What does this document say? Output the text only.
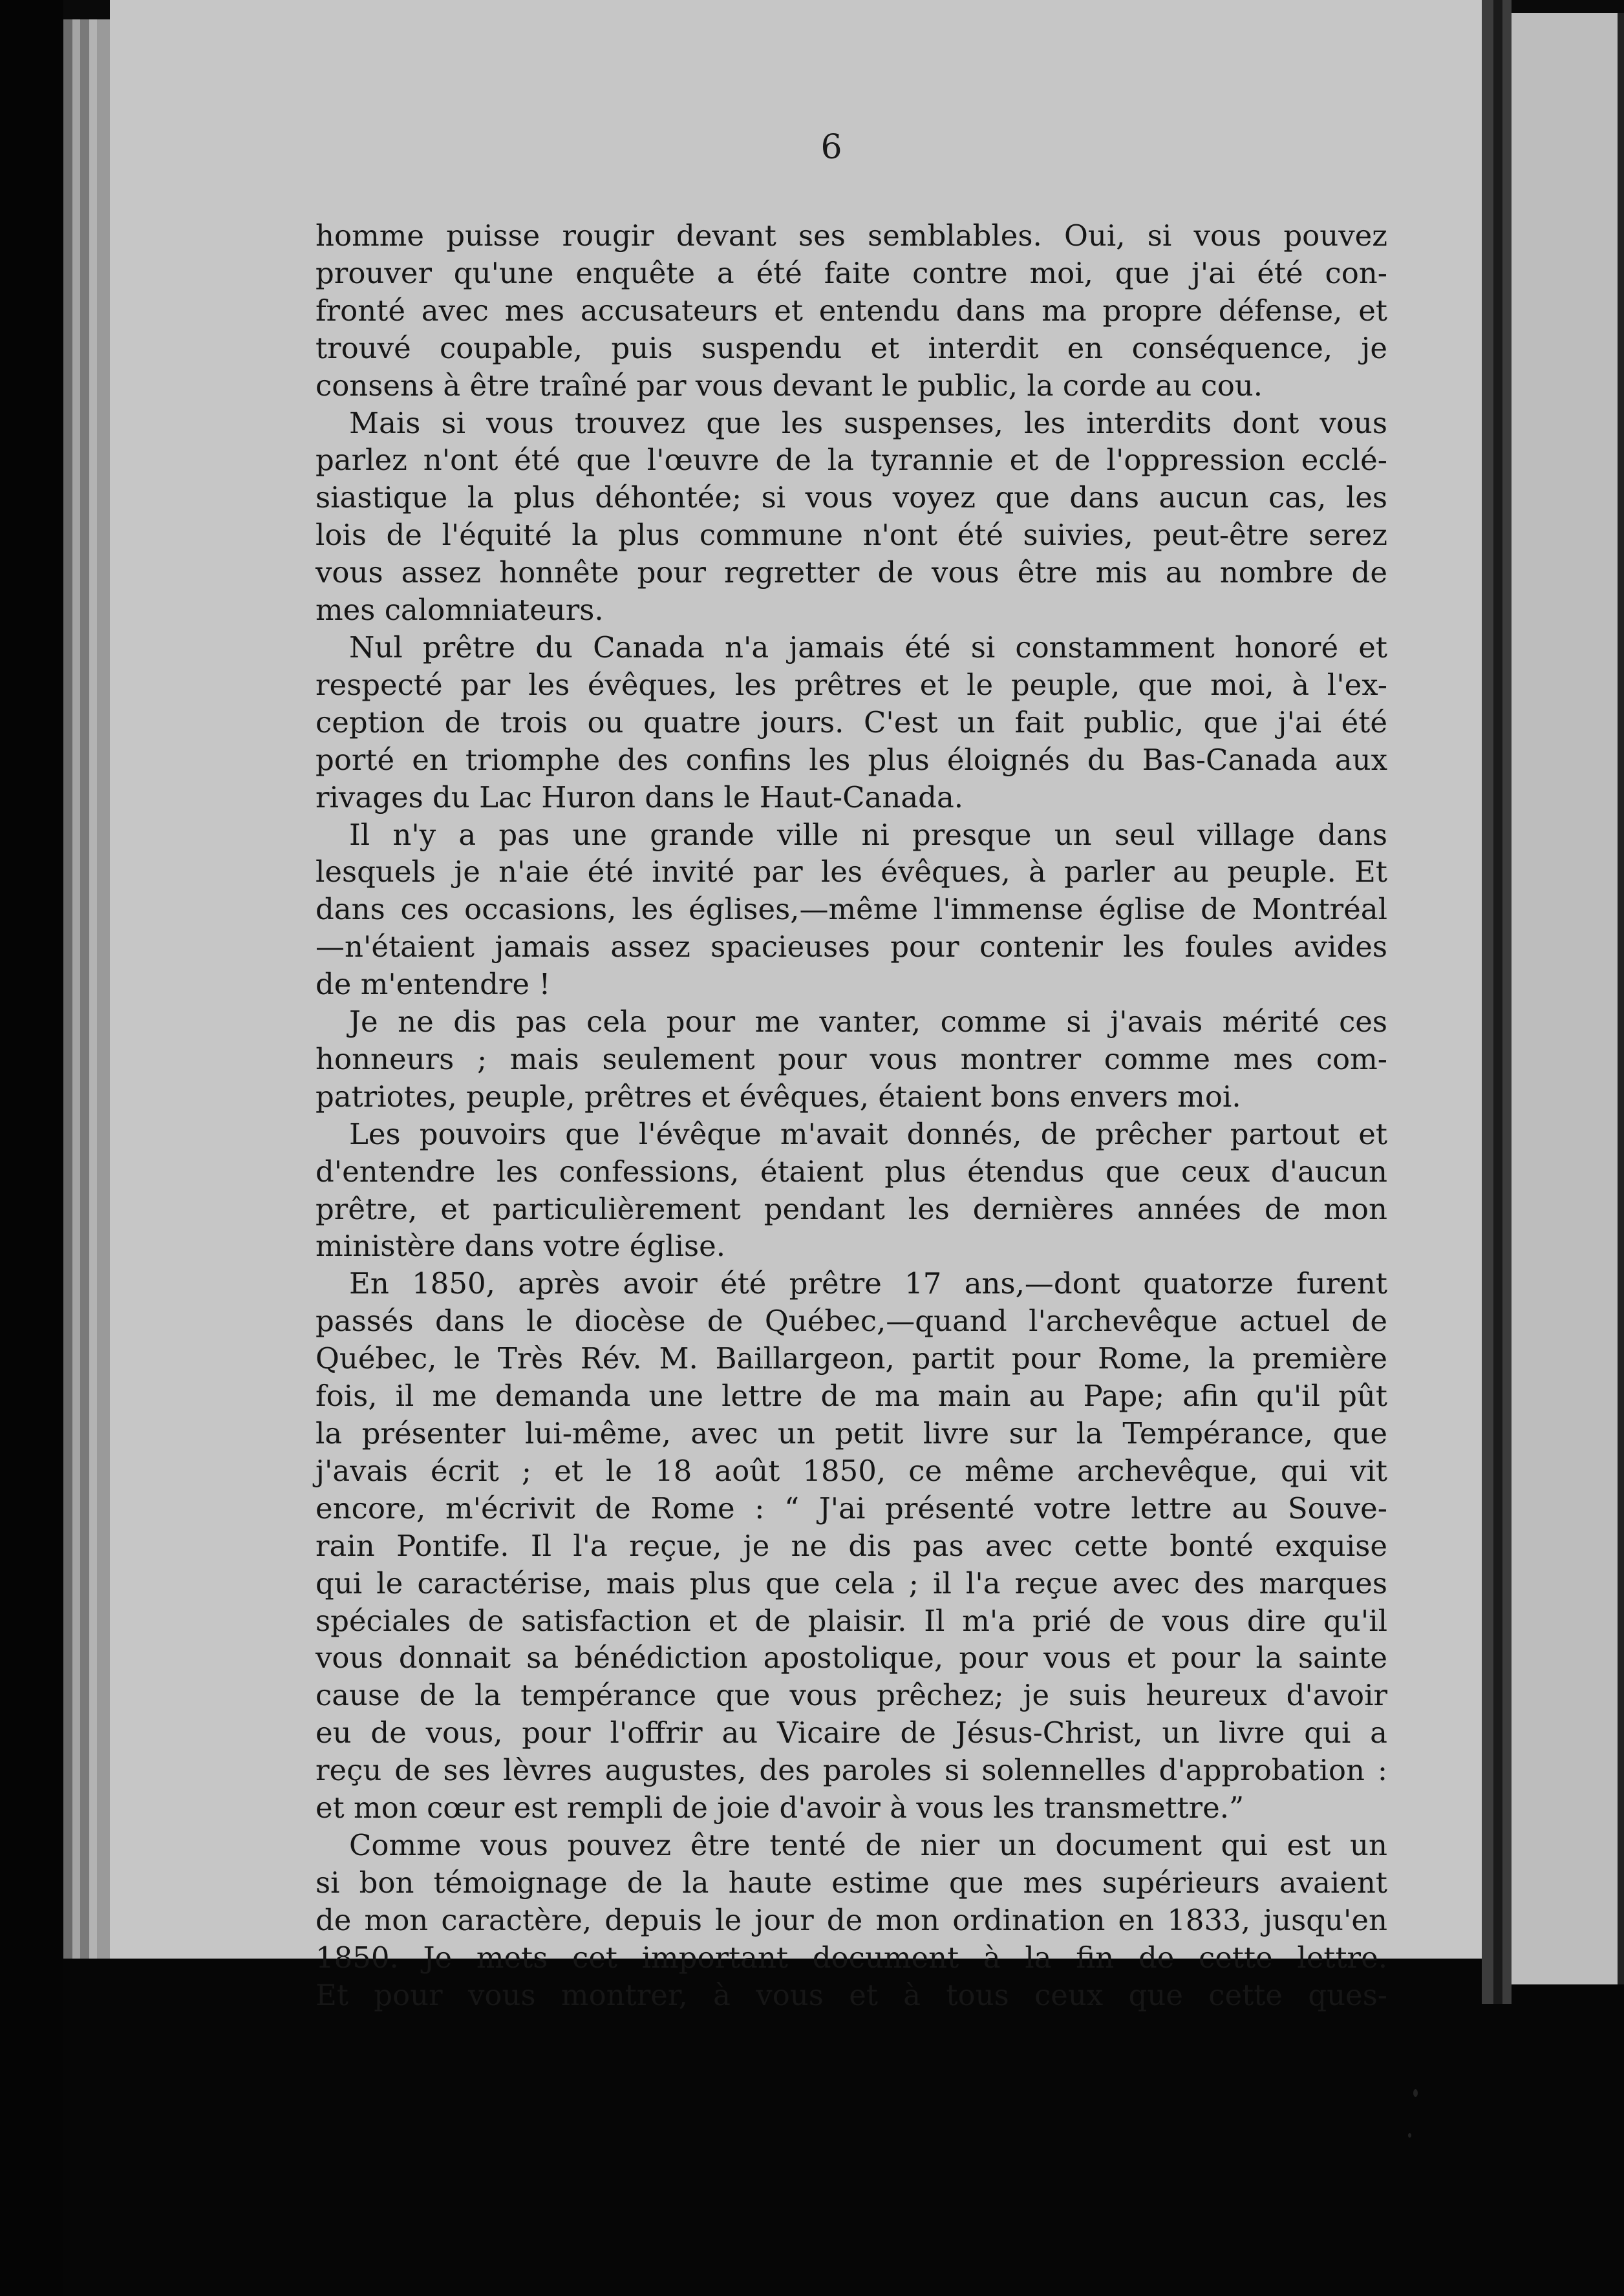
6
homme puisse rougir devant ses semblables. Oui, si vous pouvez
prouver qu'une enquête a été faite contre moi, que j'ai été con-
fronté avec mes accusateurs et entendu dans ma propre défense, et
trouvé coupable, puis suspendu et interdit en conséquence, je
consens à être traîné par vous devant le public, la corde au cou.
Mais si vous trouvez que les suspenses, les interdits dont vous
parlez n'ont été que l'œuvre de la tyrannie et de l'oppression ecclé-
siastique la plus déhontée; si vous voyez que dans aucun cas, les
lois de l'équité la plus commune n'ont été suivies, peut-être serez
vous assez honnête pour regretter de vous être mis au nombre de
mes calomniateurs.
Nul prêtre du Canada n'a jamais été si constamment honoré et
respecté par les évêques, les prêtres et le peuple, que moi, à l'ex-
ception de trois ou quatre jours. C'est un fait public, que j'ai été
porté en triomphe des confins les plus éloignés du Bas-Canada aux
rivages du Lac Huron dans le Haut-Canada.
Il n'y a pas une grande ville ni presque un seul village dans
lesquels je n'aie été invité par les évêques, à parler au peuple. Et
dans ces occasions, les églises,—même l'immense église de Montréal
—n'étaient jamais assez spacieuses pour contenir les foules avides
de m'entendre !
Je ne dis pas cela pour me vanter, comme si j'avais mérité ces
honneurs ; mais seulement pour vous montrer comme mes com-
patriotes, peuple, prêtres et évêques, étaient bons envers moi.
Les pouvoirs que l'évêque m'avait donnés, de prêcher partout et
d'entendre les confessions, étaient plus étendus que ceux d'aucun
prêtre, et particulièrement pendant les dernières années de mon
ministère dans votre église.
En 1850, après avoir été prêtre 17 ans,—dont quatorze furent
passés dans le diocèse de Québec,—quand l'archevêque actuel de
Québec, le Très Rév. M. Baillargeon, partit pour Rome, la première
fois, il me demanda une lettre de ma main au Pape; afin qu'il pût
la présenter lui-même, avec un petit livre sur la Tempérance, que
j'avais écrit ; et le 18 août 1850, ce même archevêque, qui vit
encore, m'écrivit de Rome : “ J'ai présenté votre lettre au Souve-
rain Pontife. Il l'a reçue, je ne dis pas avec cette bonté exquise
qui le caractérise, mais plus que cela ; il l'a reçue avec des marques
spéciales de satisfaction et de plaisir. Il m'a prié de vous dire qu'il
vous donnait sa bénédiction apostolique, pour vous et pour la sainte
cause de la tempérance que vous prêchez; je suis heureux d'avoir
eu de vous, pour l'offrir au Vicaire de Jésus-Christ, un livre qui a
reçu de ses lèvres augustes, des paroles si solennelles d'approbation :
et mon cœur est rempli de joie d'avoir à vous les transmettre.”
Comme vous pouvez être tenté de nier un document qui est un
si bon témoignage de la haute estime que mes supérieurs avaient
de mon caractère, depuis le jour de mon ordination en 1833, jusqu'en
1850. Je mets cet important document à la fin de cette lettre.
Et pour vous montrer, à vous et à tous ceux que cette ques-
